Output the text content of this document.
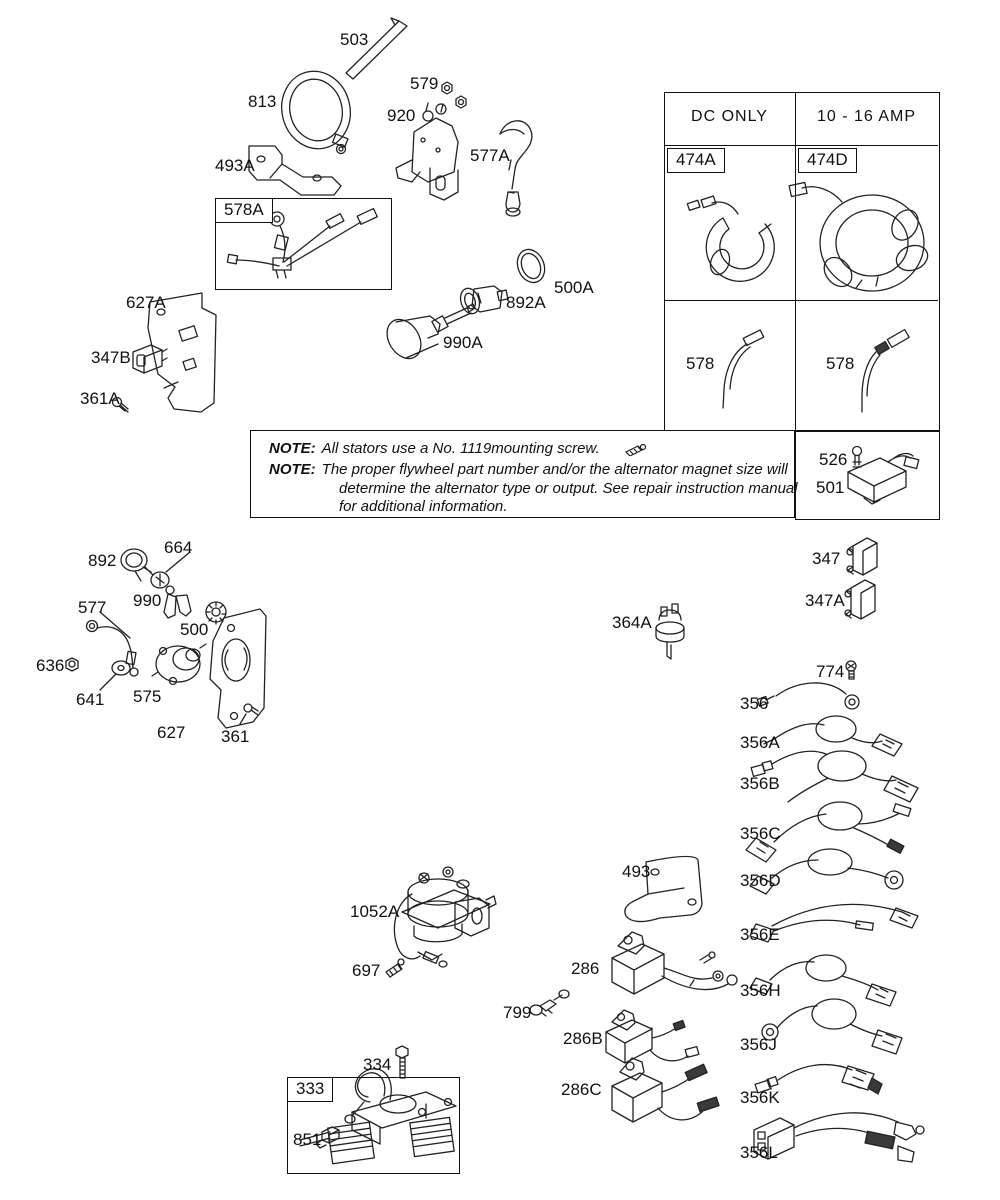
DC ONLY	10 - 16 AMP
474A	474D
578	578
526
501
578A
333
NOTE: All stators use a No. 1119mounting screw.
NOTE: The proper flywheel part number and/or the alternator magnet size will
determine the alternator type or output. See repair instruction manual
for additional information.
503
813
493A
579
920
577A
627A
347B
361A
500A
892A
990A
892
664
990
577
500
636
641 575
627 361
364A
347
347A
774
356
356A
356B
356C
356D
356E
356H
356J
356K
356L
1052A
697
493
286
799
286B
286C
334
851
